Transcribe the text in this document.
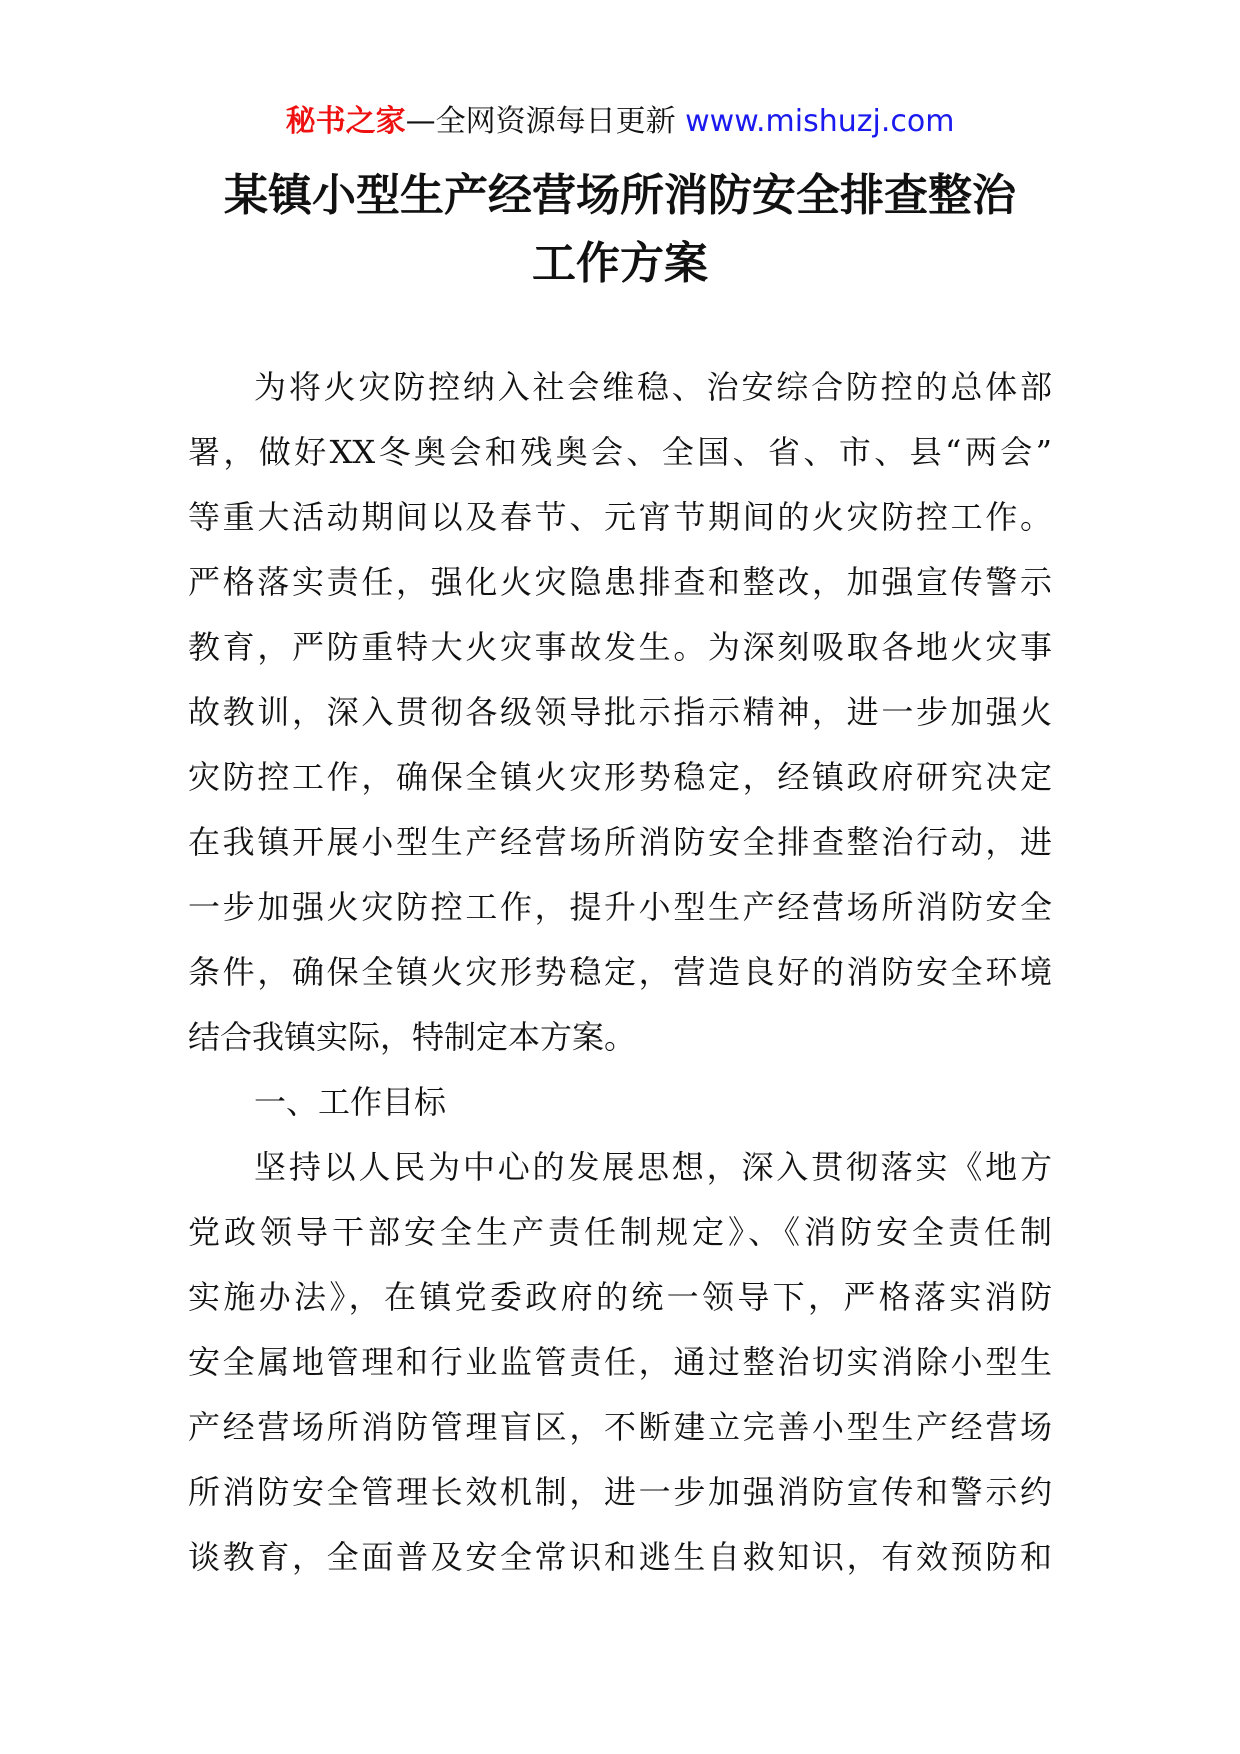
秘书之家—全网资源每日更新 www.mishuzj.com
某镇小型生产经营场所消防安全排查整治
工作方案
为将火灾防控纳入社会维稳、治安综合防控的总体部
署，做好XX冬奥会和残奥会、全国、省、市、县“两会”
等重大活动期间以及春节、元宵节期间的火灾防控工作。
严格落实责任，强化火灾隐患排查和整改，加强宣传警示
教育，严防重特大火灾事故发生。为深刻吸取各地火灾事
故教训，深入贯彻各级领导批示指示精神，进一步加强火
灾防控工作，确保全镇火灾形势稳定，经镇政府研究决定
在我镇开展小型生产经营场所消防安全排查整治行动，进
一步加强火灾防控工作，提升小型生产经营场所消防安全
条件，确保全镇火灾形势稳定，营造良好的消防安全环境
结合我镇实际，特制定本方案。
一、工作目标
坚持以人民为中心的发展思想，深入贯彻落实《地方
党政领导干部安全生产责任制规定》、《消防安全责任制
实施办法》，在镇党委政府的统一领导下，严格落实消防
安全属地管理和行业监管责任，通过整治切实消除小型生
产经营场所消防管理盲区，不断建立完善小型生产经营场
所消防安全管理长效机制，进一步加强消防宣传和警示约
谈教育，全面普及安全常识和逃生自救知识，有效预防和
